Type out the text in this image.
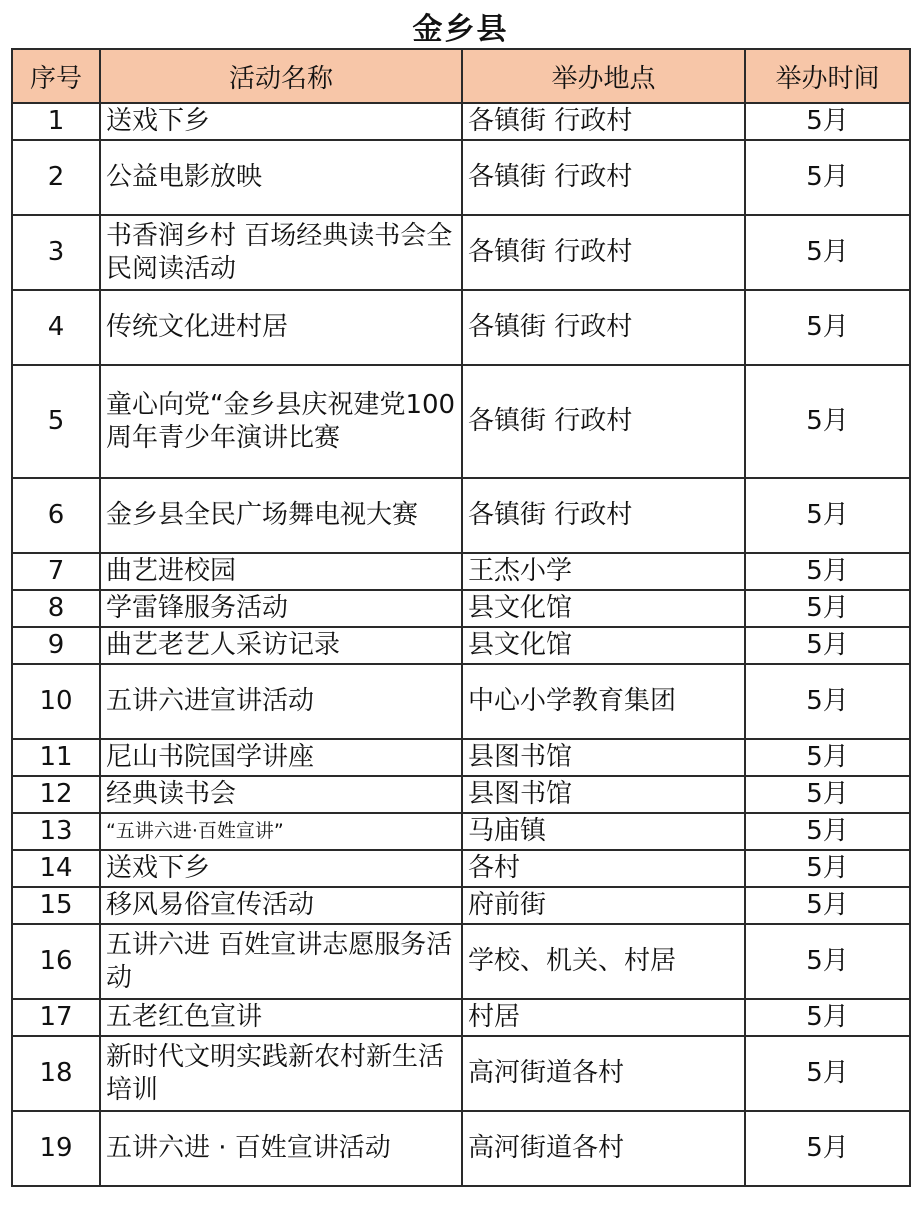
金乡县
序号	活动名称	举办地点	举办时间
1	送戏下乡	各镇街 行政村	5月
2	公益电影放映	各镇街 行政村	5月
3	书香润乡村 百场经典读书会全民阅读活动	各镇街 行政村	5月
4	传统文化进村居	各镇街 行政村	5月
5	童心向党“金乡县庆祝建党100周年青少年演讲比赛	各镇街 行政村	5月
6	金乡县全民广场舞电视大赛	各镇街 行政村	5月
7	曲艺进校园	王杰小学	5月
8	学雷锋服务活动	县文化馆	5月
9	曲艺老艺人采访记录	县文化馆	5月
10	五讲六进宣讲活动	中心小学教育集团	5月
11	尼山书院国学讲座	县图书馆	5月
12	经典读书会	县图书馆	5月
13	“五讲六进·百姓宣讲”	马庙镇	5月
14	送戏下乡	各村	5月
15	移风易俗宣传活动	府前街	5月
16	五讲六进 百姓宣讲志愿服务活动	学校、机关、村居	5月
17	五老红色宣讲	村居	5月
18	新时代文明实践新农村新生活培训	高河街道各村	5月
19	五讲六进 · 百姓宣讲活动	高河街道各村	5月
